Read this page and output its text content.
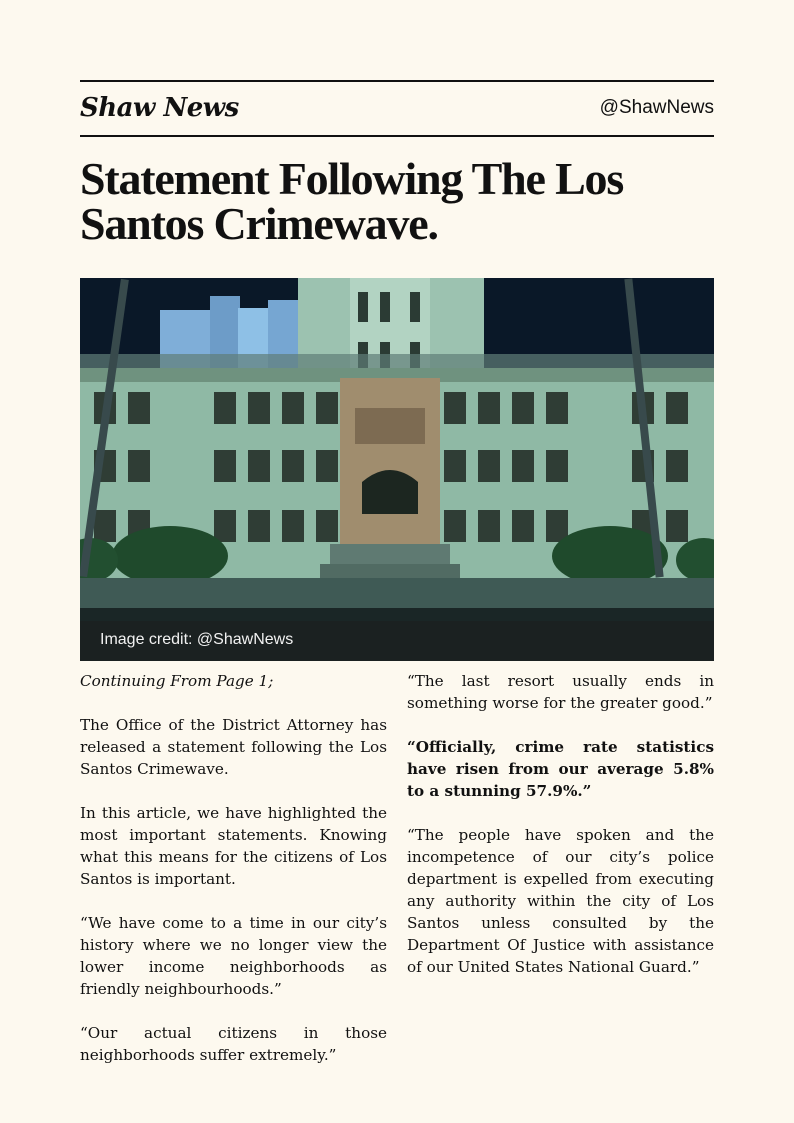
Shaw News	@ShawNews
Statement Following The Los Santos Crimewave.
Image credit: @ShawNews

Continuing From Page 1;

The Office of the District Attorney has released a statement following the Los Santos Crimewave.

In this article, we have highlighted the most important statements. Knowing what this means for the citizens of Los Santos is important.

“We have come to a time in our city’s history where we no longer view the lower income neighborhoods as friendly neighbourhoods.”

“Our actual citizens in those neighborhoods suffer extremely.”

“The last resort usually ends in something worse for the greater good.”

“Officially, crime rate statistics have risen from our average 5.8% to a stunning 57.9%.”

“The people have spoken and the incompetence of our city’s police department is expelled from executing any authority within the city of Los Santos unless consulted by the Department Of Justice with assistance of our United States National Guard.”
